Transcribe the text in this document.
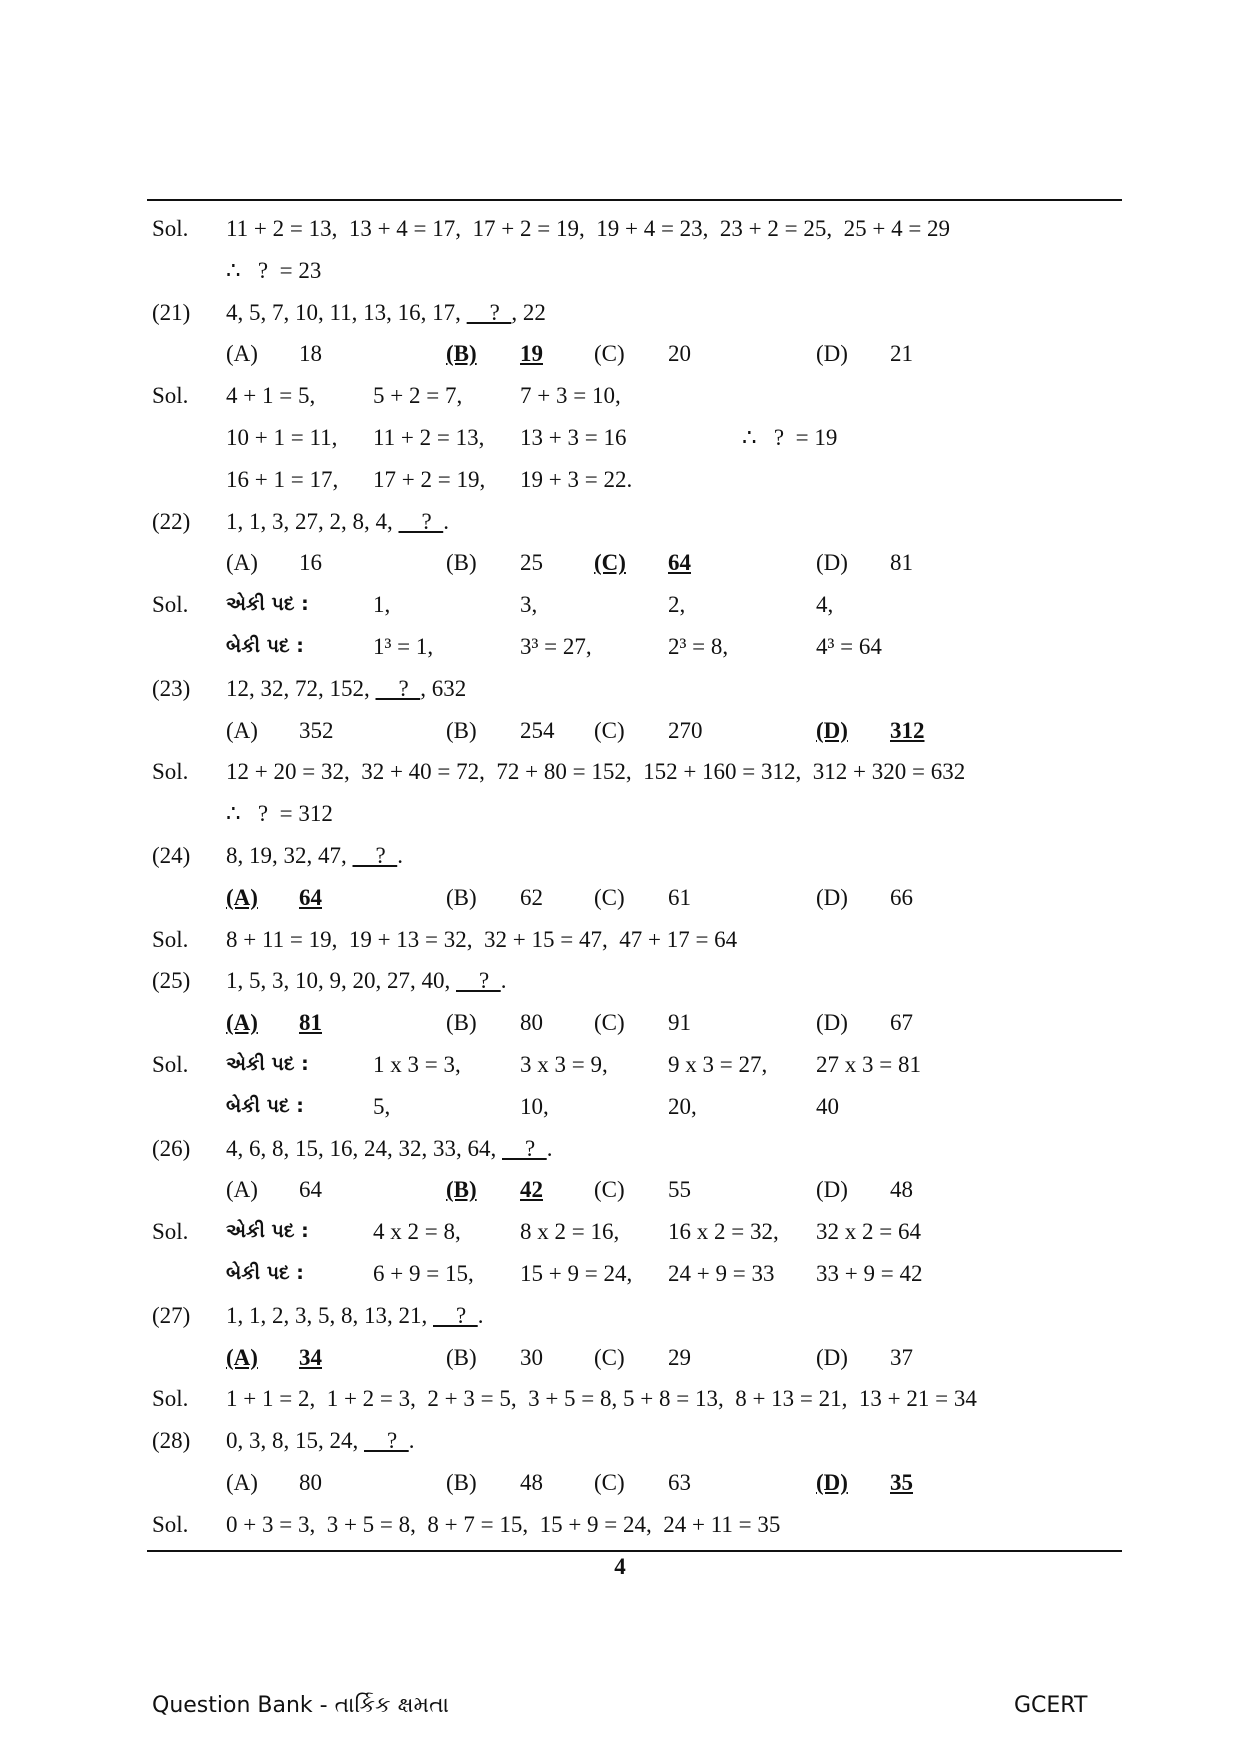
Sol. 11 + 2 = 13,  13 + 4 = 17,  17 + 2 = 19,  19 + 4 = 23,  23 + 2 = 25,  25 + 4 = 29
∴   ?  = 23
(21) 4, 5, 7, 10, 11, 13, 16, 17,     ?  , 22
(A) 18	(B) 19 (C) 20	(D) 21
Sol. 4 + 1 = 5,	5 + 2 = 7,	7 + 3 = 10,
10 + 1 = 11, 11 + 2 = 13, 13 + 3 = 16	∴   ?  = 19
16 + 1 = 17, 17 + 2 = 19, 19 + 3 = 22.
(22) 1, 1, 3, 27, 2, 8, 4,     ?  .
(A) 16	(B) 25 (C) 64	(D) 81
Sol. એકી પદ :	1,	3,	2,	4,
બેકી પદ :	1³ = 1,	3³ = 27,	2³ = 8,	4³ = 64
(23) 12, 32, 72, 152,     ?  , 632
(A) 352	(B) 254 (C) 270	(D) 312
Sol. 12 + 20 = 32,  32 + 40 = 72,  72 + 80 = 152,  152 + 160 = 312,  312 + 320 = 632
∴   ?  = 312
(24) 8, 19, 32, 47,     ?  .
(A) 64	(B) 62 (C) 61	(D) 66
Sol. 8 + 11 = 19,  19 + 13 = 32,  32 + 15 = 47,  47 + 17 = 64
(25) 1, 5, 3, 10, 9, 20, 27, 40,     ?  .
(A) 81	(B) 80 (C) 91	(D) 67
Sol. એકી પદ :	1 x 3 = 3,	3 x 3 = 9,	9 x 3 = 27, 27 x 3 = 81
બેકી પદ :	5,	10,	20,	40
(26) 4, 6, 8, 15, 16, 24, 32, 33, 64,     ?  .
(A) 64	(B) 42 (C) 55	(D) 48
Sol. એકી પદ :	4 x 2 = 8,	8 x 2 = 16, 16 x 2 = 32, 32 x 2 = 64
બેકી પદ :	6 + 9 = 15, 15 + 9 = 24, 24 + 9 = 33 33 + 9 = 42
(27) 1, 1, 2, 3, 5, 8, 13, 21,     ?  .
(A) 34	(B) 30 (C) 29	(D) 37
Sol. 1 + 1 = 2,  1 + 2 = 3,  2 + 3 = 5,  3 + 5 = 8, 5 + 8 = 13,  8 + 13 = 21,  13 + 21 = 34
(28) 0, 3, 8, 15, 24,     ?  .
(A) 80	(B) 48 (C) 63	(D) 35
Sol. 0 + 3 = 3,  3 + 5 = 8,  8 + 7 = 15,  15 + 9 = 24,  24 + 11 = 35
4
Question Bank - તાર્કિક ક્ષમતા	GCERT
